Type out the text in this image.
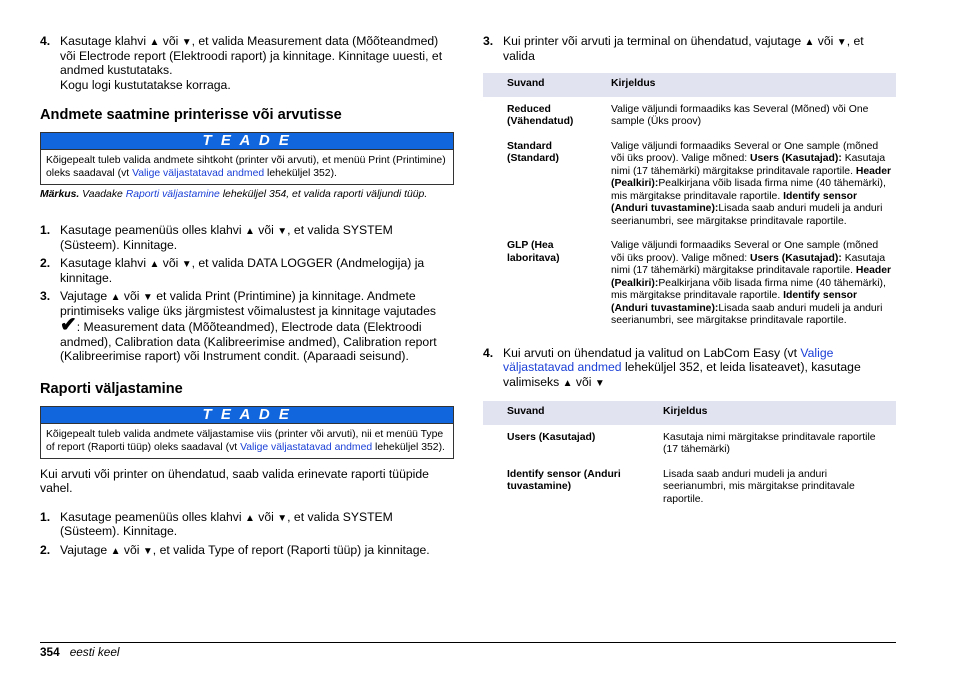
4. Kasutage klahvi ▲ või ▼, et valida Measurement data (Mõõteandmed) või Electrode report (Elektroodi raport) ja kinnitage. Kinnitage uuesti, et andmed kustutataks.
Kogu logi kustutatakse korraga.
Andmete saatmine printerisse või arvutisse
T E A D E
Kõigepealt tuleb valida andmete sihtkoht (printer või arvuti), et menüü Print (Printimine) oleks saadaval (vt Valige väljastatavad andmed leheküljel 352).
Märkus. Vaadake Raporti väljastamine leheküljel 354, et valida raporti väljundi tüüp.
1. Kasutage peamenüüs olles klahvi ▲ või ▼, et valida SYSTEM (Süsteem). Kinnitage.
2. Kasutage klahvi ▲ või ▼, et valida DATA LOGGER (Andmelogija) ja kinnitage.
3. Vajutage ▲ või ▼ et valida Print (Printimine) ja kinnitage. Andmete printimiseks valige üks järgmistest võimalustest ja kinnitage vajutades ✔: Measurement data (Mõõteandmed), Electrode data (Elektroodi andmed), Calibration data (Kalibreerimise andmed), Calibration report (Kalibreerimise raport) või Instrument condit. (Aparaadi seisund).
Raporti väljastamine
T E A D E
Kõigepealt tuleb valida andmete väljastamise viis (printer või arvuti), nii et menüü Type of report (Raporti tüüp) oleks saadaval (vt Valige väljastatavad andmed leheküljel 352).
Kui arvuti või printer on ühendatud, saab valida erinevate raporti tüüpide vahel.
1. Kasutage peamenüüs olles klahvi ▲ või ▼, et valida SYSTEM (Süsteem). Kinnitage.
2. Vajutage ▲ või ▼, et valida Type of report (Raporti tüüp) ja kinnitage.
3. Kui printer või arvuti ja terminal on ühendatud, vajutage ▲ või ▼, et valida
Suvand	Kirjeldus
Reduced (Vähendatud)	Valige väljundi formaadiks kas Several (Mõned) või One sample (Üks proov)
Standard (Standard)	Valige väljundi formaadiks Several or One sample (mõned või üks proov). Valige mõned: Users (Kasutajad): Kasutaja nimi (17 tähemärki) märgitakse prinditavale raportile. Header (Pealkiri):Pealkirjana võib lisada firma nime (40 tähemärki), mis märgitakse prinditavale raportile. Identify sensor (Anduri tuvastamine):Lisada saab anduri mudeli ja anduri seerianumbri, see märgitakse prinditavale raportile.
GLP (Hea laboritava)	Valige väljundi formaadiks Several or One sample (mõned või üks proov). Valige mõned: Users (Kasutajad): Kasutaja nimi (17 tähemärki) märgitakse prinditavale raportile. Header (Pealkiri):Pealkirjana võib lisada firma nime (40 tähemärki), mis märgitakse prinditavale raportile. Identify sensor (Anduri tuvastamine):Lisada saab anduri mudeli ja anduri seerianumbri, see märgitakse prinditavale raportile.
4. Kui arvuti on ühendatud ja valitud on LabCom Easy (vt Valige väljastatavad andmed leheküljel 352, et leida lisateavet), kasutage valimiseks ▲ või ▼
Suvand	Kirjeldus
Users (Kasutajad)	Kasutaja nimi märgitakse prinditavale raportile (17 tähemärki)
Identify sensor (Anduri tuvastamine)	Lisada saab anduri mudeli ja anduri seerianumbri, mis märgitakse prinditavale raportile.
354 eesti keel
